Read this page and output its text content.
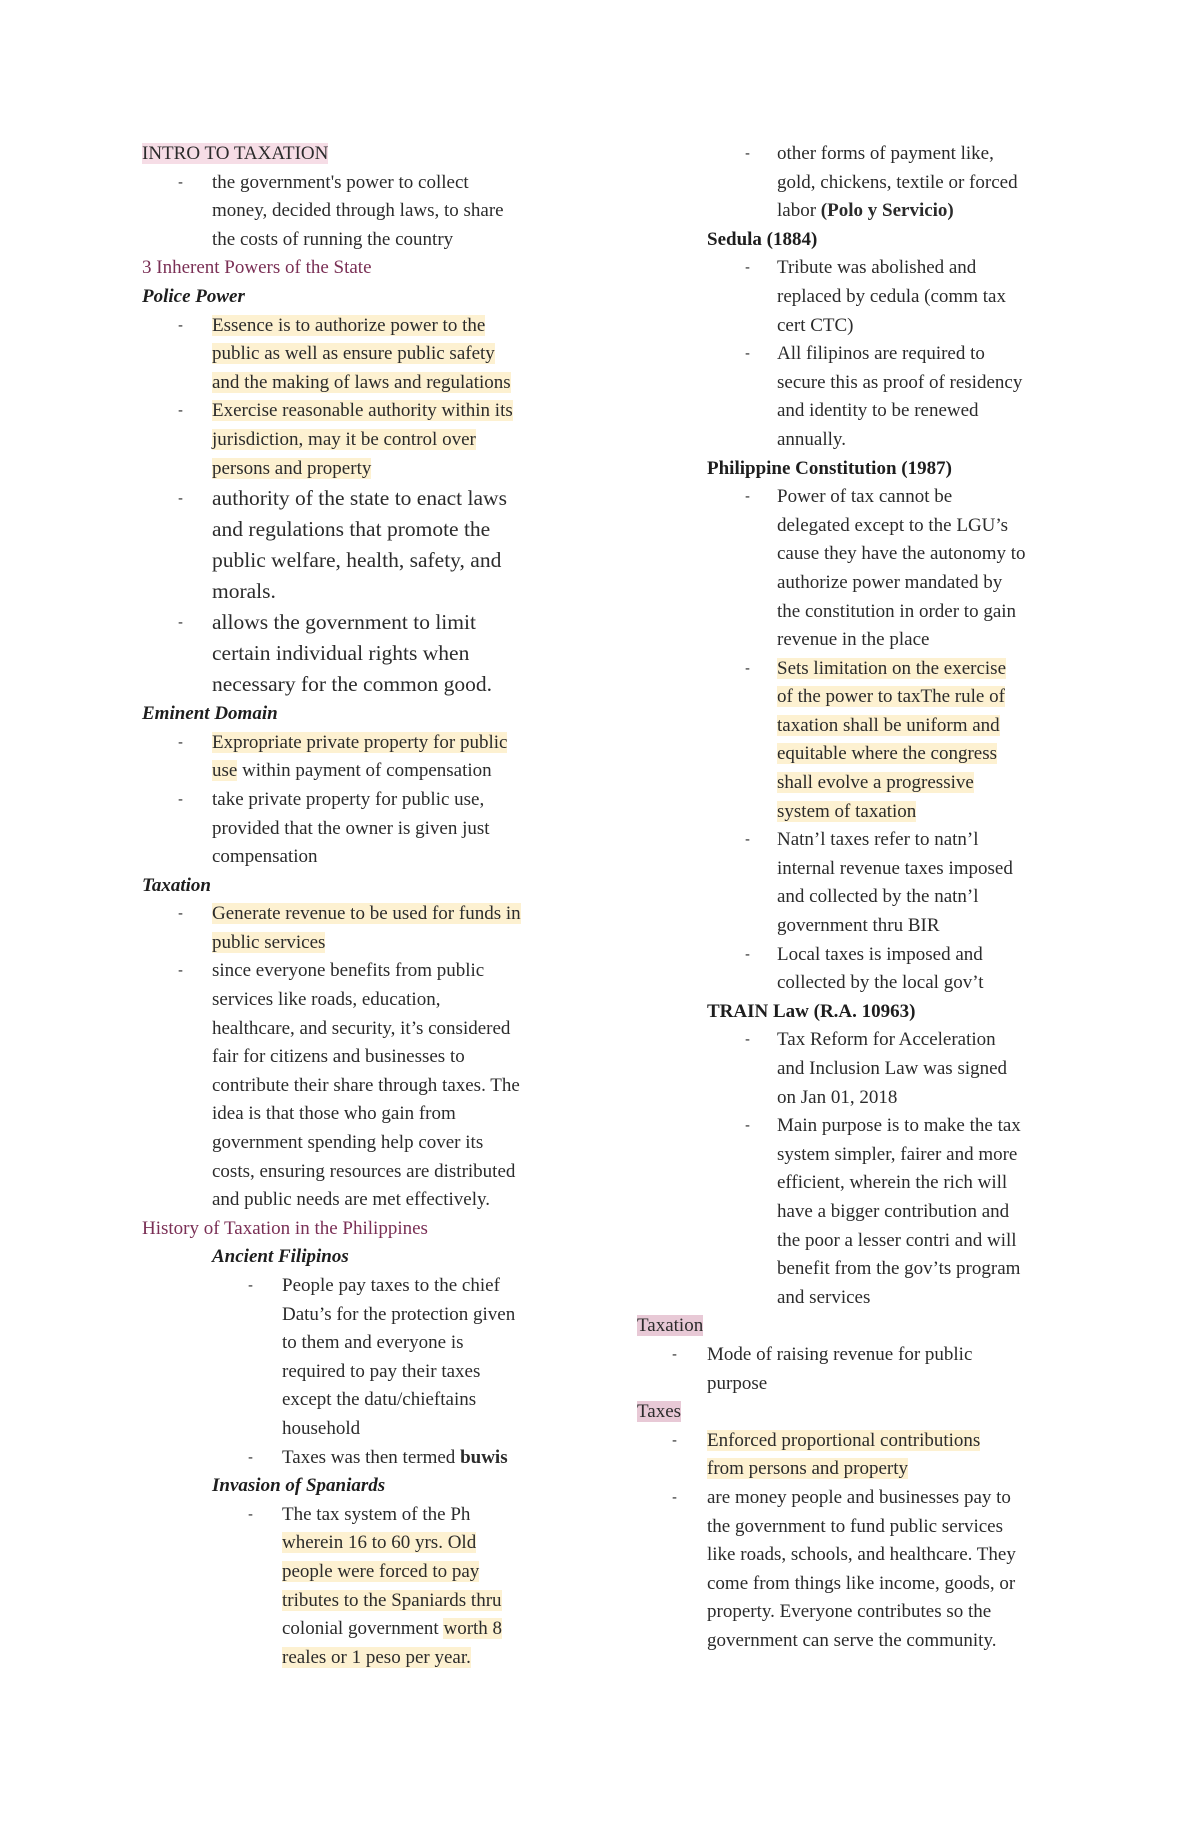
INTRO TO TAXATION
- the government's power to collect
money, decided through laws, to share
the costs of running the country
3 Inherent Powers of the State
Police Power
- Essence is to authorize power to the
public as well as ensure public safety
and the making of laws and regulations
- Exercise reasonable authority within its
jurisdiction, may it be control over
persons and property
- authority of the state to enact laws
and regulations that promote the
public welfare, health, safety, and
morals.
- allows the government to limit
certain individual rights when
necessary for the common good.
Eminent Domain
- Expropriate private property for public
use within payment of compensation
- take private property for public use,
provided that the owner is given just
compensation
Taxation
- Generate revenue to be used for funds in
public services
- since everyone benefits from public
services like roads, education,
healthcare, and security, it’s considered
fair for citizens and businesses to
contribute their share through taxes. The
idea is that those who gain from
government spending help cover its
costs, ensuring resources are distributed
and public needs are met effectively.
History of Taxation in the Philippines
Ancient Filipinos
- People pay taxes to the chief
Datu’s for the protection given
to them and everyone is
required to pay their taxes
except the datu/chieftains
household
- Taxes was then termed buwis
Invasion of Spaniards
- The tax system of the Ph
wherein 16 to 60 yrs. Old
people were forced to pay
tributes to the Spaniards thru
colonial government worth 8
reales or 1 peso per year.
- other forms of payment like,
gold, chickens, textile or forced
labor (Polo y Servicio)
Sedula (1884)
- Tribute was abolished and
replaced by cedula (comm tax
cert CTC)
- All filipinos are required to
secure this as proof of residency
and identity to be renewed
annually.
Philippine Constitution (1987)
- Power of tax cannot be
delegated except to the LGU’s
cause they have the autonomy to
authorize power mandated by
the constitution in order to gain
revenue in the place
- Sets limitation on the exercise
of the power to taxThe rule of
taxation shall be uniform and
equitable where the congress
shall evolve a progressive
system of taxation
- Natn’l taxes refer to natn’l
internal revenue taxes imposed
and collected by the natn’l
government thru BIR
- Local taxes is imposed and
collected by the local gov’t
TRAIN Law (R.A. 10963)
- Tax Reform for Acceleration
and Inclusion Law was signed
on Jan 01, 2018
- Main purpose is to make the tax
system simpler, fairer and more
efficient, wherein the rich will
have a bigger contribution and
the poor a lesser contri and will
benefit from the gov’ts program
and services
Taxation
- Mode of raising revenue for public
purpose
Taxes
- Enforced proportional contributions
from persons and property
- are money people and businesses pay to
the government to fund public services
like roads, schools, and healthcare. They
come from things like income, goods, or
property. Everyone contributes so the
government can serve the community.
